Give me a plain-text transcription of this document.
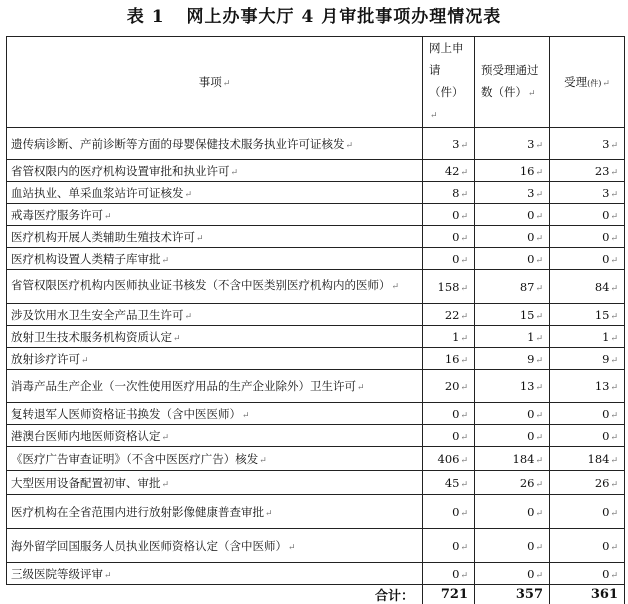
表 1 网上办事大厅 4 月审批事项办理情况表
事项 ↵	网上申请（件） ↵	预受理通过数（件） ↵	受理(件) ↵
遗传病诊断、产前诊断等方面的母婴保健技术服务执业许可证核发 ↵	3 ↵	3 ↵	3 ↵
省管权限内的医疗机构设置审批和执业许可 ↵	42 ↵	16 ↵	23 ↵
血站执业、单采血浆站许可证核发 ↵	8 ↵	3 ↵	3 ↵
戒毒医疗服务许可 ↵	0 ↵	0 ↵	0 ↵
医疗机构开展人类辅助生殖技术许可 ↵	0 ↵	0 ↵	0 ↵
医疗机构设置人类精子库审批 ↵	0 ↵	0 ↵	0 ↵
省管权限医疗机构内医师执业证书核发（不含中医类别医疗机构内的医师） ↵	158 ↵	87 ↵	84 ↵
涉及饮用水卫生安全产品卫生许可 ↵	22 ↵	15 ↵	15 ↵
放射卫生技术服务机构资质认定 ↵	1 ↵	1 ↵	1 ↵
放射诊疗许可 ↵	16 ↵	9 ↵	9 ↵
消毒产品生产企业（一次性使用医疗用品的生产企业除外）卫生许可 ↵	20 ↵	13 ↵	13 ↵
复转退军人医师资格证书换发（含中医医师） ↵	0 ↵	0 ↵	0 ↵
港澳台医师内地医师资格认定 ↵	0 ↵	0 ↵	0 ↵
《医疗广告审查证明》（不含中医医疗广告）核发 ↵	406 ↵	184 ↵	184 ↵
大型医用设备配置初审、审批 ↵	45 ↵	26 ↵	26 ↵
医疗机构在全省范围内进行放射影像健康普查审批 ↵	0 ↵	0 ↵	0 ↵
海外留学回国服务人员执业医师资格认定（含中医师） ↵	0 ↵	0 ↵	0 ↵
三级医院等级评审 ↵	0 ↵	0 ↵	0 ↵
合计：	721	357	361
